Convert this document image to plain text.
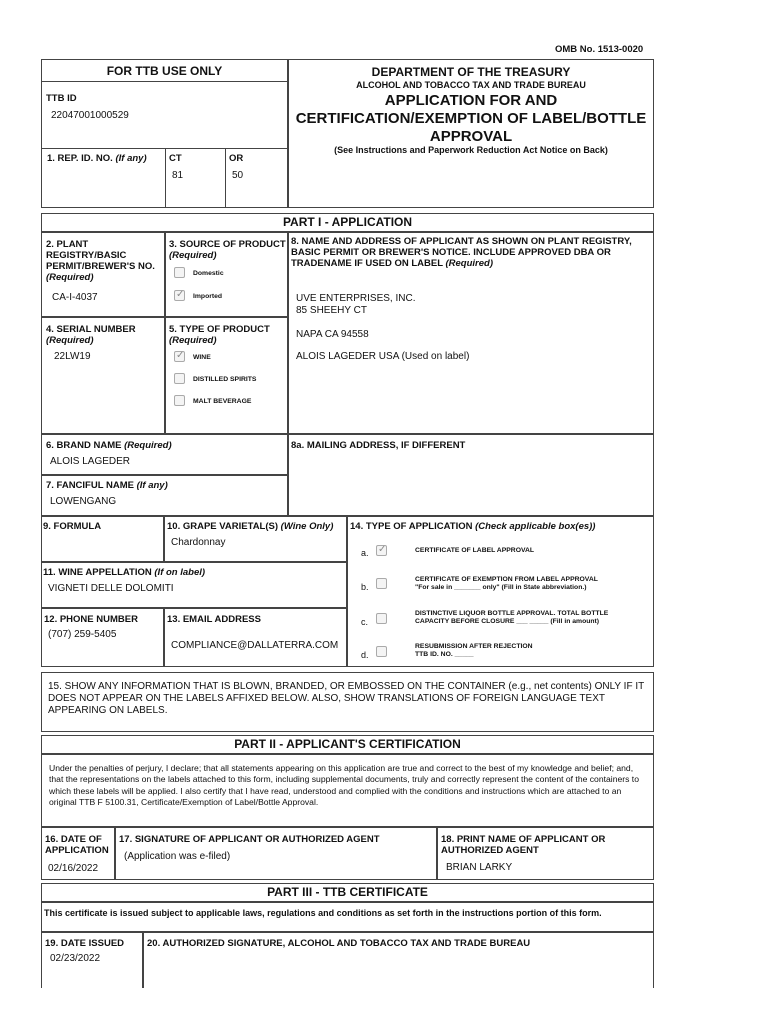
OMB No. 1513-0020
FOR TTB USE ONLY
TTB ID
22047001000529
1. REP. ID. NO. (If any) CT
81
OR
50
DEPARTMENT OF THE TREASURY
ALCOHOL AND TOBACCO TAX AND TRADE BUREAU
APPLICATION FOR AND
CERTIFICATION/EXEMPTION OF LABEL/BOTTLE
APPROVAL
(See Instructions and Paperwork Reduction Act Notice on Back)
PART I - APPLICATION
2. PLANT REGISTRY/BASIC PERMIT/BREWER'S NO. (Required)
CA-I-4037
3. SOURCE OF PRODUCT (Required)
Domestic
✓
Imported
8. NAME AND ADDRESS OF APPLICANT AS SHOWN ON PLANT REGISTRY, BASIC PERMIT OR BREWER'S NOTICE. INCLUDE APPROVED DBA OR TRADENAME IF USED ON LABEL (Required)
UVE ENTERPRISES, INC.
85 SHEEHY CT
NAPA CA 94558
ALOIS LAGEDER USA (Used on label)
4. SERIAL NUMBER
(Required)
22LW19
5. TYPE OF PRODUCT
(Required)
✓
WINE
DISTILLED SPIRITS
MALT BEVERAGE
6. BRAND NAME (Required)
ALOIS LAGEDER
8a. MAILING ADDRESS, IF DIFFERENT
7. FANCIFUL NAME (If any)
LOWENGANG
9. FORMULA	10. GRAPE VARIETAL(S) (Wine Only)
Chardonnay
14. TYPE OF APPLICATION (Check applicable box(es))
a.
✓	CERTIFICATE OF LABEL APPROVAL
b.
CERTIFICATE OF EXEMPTION FROM LABEL APPROVAL
"For sale in _______ only" (Fill in State abbreviation.)
c.
DISTINCTIVE LIQUOR BOTTLE APPROVAL. TOTAL BOTTLE
CAPACITY BEFORE CLOSURE ___ _____ (Fill in amount)
d.
RESUBMISSION AFTER REJECTION
TTB ID. NO. _____
11. WINE APPELLATION (If on label)
VIGNETI DELLE DOLOMITI
12. PHONE NUMBER
(707) 259-5405
13. EMAIL ADDRESS
COMPLIANCE@DALLATERRA.COM
15. SHOW ANY INFORMATION THAT IS BLOWN, BRANDED, OR EMBOSSED ON THE CONTAINER (e.g., net contents) ONLY IF IT DOES NOT APPEAR ON THE LABELS AFFIXED BELOW. ALSO, SHOW TRANSLATIONS OF FOREIGN LANGUAGE TEXT APPEARING ON LABELS.
PART II - APPLICANT'S CERTIFICATION
Under the penalties of perjury, I declare; that all statements appearing on this application are true and correct to the best of my knowledge and belief; and, that the representations on the labels attached to this form, including supplemental documents, truly and correctly represent the content of the containers to which these labels will be applied. I also certify that I have read, understood and complied with the conditions and instructions which are attached to an original TTB F 5100.31, Certificate/Exemption of Label/Bottle Approval.
16. DATE OF APPLICATION
02/16/2022
17. SIGNATURE OF APPLICANT OR AUTHORIZED AGENT
(Application was e-filed)
18. PRINT NAME OF APPLICANT OR AUTHORIZED AGENT
BRIAN LARKY
PART III - TTB CERTIFICATE
This certificate is issued subject to applicable laws, regulations and conditions as set forth in the instructions portion of this form.
19. DATE ISSUED
02/23/2022
20. AUTHORIZED SIGNATURE, ALCOHOL AND TOBACCO TAX AND TRADE BUREAU
